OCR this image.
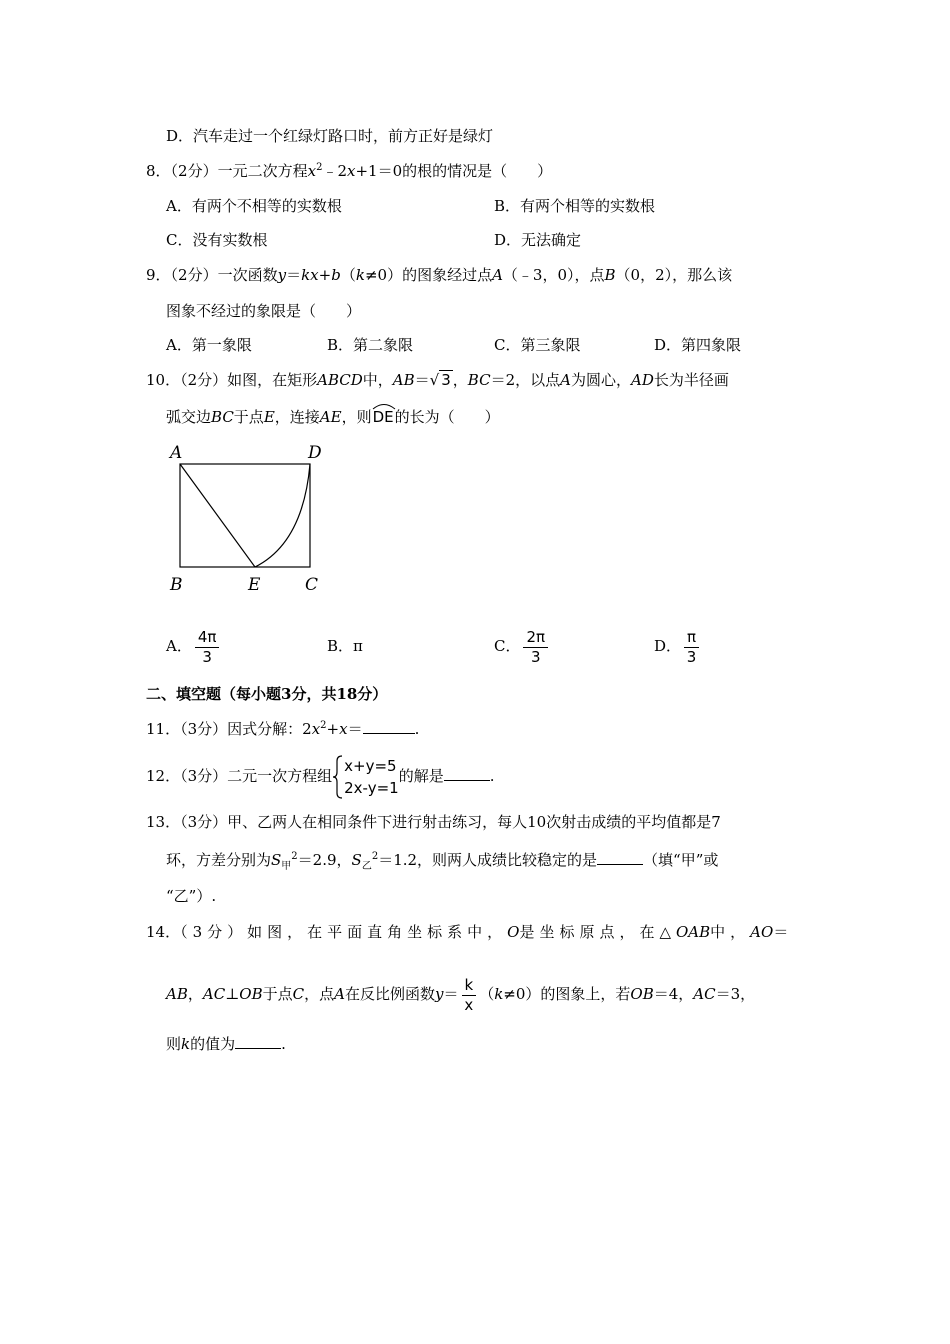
D．汽车走过一个红绿灯路口时，前方正好是绿灯
8．（2分）一元二次方程$x^2﹣2x+1=0$的根的情况是（　　）
A．有两个不相等的实数根	B．有两个相等的实数根
C．没有实数根	D．无法确定
9．（2分）一次函数y＝kx+b（k≠0）的图象经过点A（﹣3，0），点B（0，2），那么该
图象不经过的象限是（　　）
A．第一象限	B．第二象限	C．第三象限	D．第四象限
10．（2分）如图，在矩形ABCD中，AB＝√ 3 ，BC＝2，以点A为圆心，AD长为半径画
弧交边BC于点E，连接AE，则
DE的长为（　　）
A	D
B	E	C
A． $\frac{4\pi}{3}$	B．π	C． $\frac{2\pi}{3}$	D． $\frac{\pi}{3}$
二、填空题（每小题3分，共18分）
11．（3分）因式分解：$2x^2+x=$	.
12．（3分）二元一次方程组
x+y=5
2x-y=1
的解是	.
13．（3分）甲、乙两人在相同条件下进行射击练习，每人10次射击成绩的平均值都是7
环，方差分别为$S_甲^2=2.9$，$S_乙^2=1.2$，则两人成绩比较稳定的是	（填“甲”或
“乙”）.
14．（3分）如图，在平面直角坐标系中，O是坐标原点，在△OAB中，AO＝
AB，AC⊥OB于点C，点A在反比例函数$y= \frac{k}{x} (k\ne 0)$的图象上，若OB＝4，AC＝3，
则k的值为	.
